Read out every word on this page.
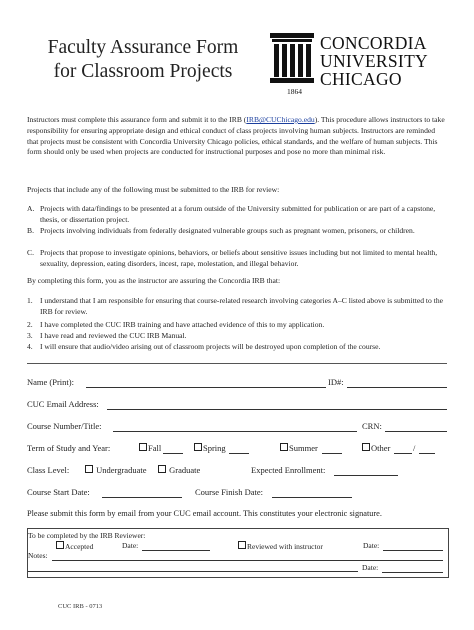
Faculty Assurance Form
for Classroom Projects
CONCORDIA
UNIVERSITY
CHICAGO
1864
Instructors must complete this assurance form and submit it to the IRB (IRB@CUChicago.edu). This procedure allows instructors to take responsibility for ensuring appropriate design and ethical conduct of class projects involving human subjects. Instructors are reminded that projects must be consistent with Concordia University Chicago policies, ethical standards, and the welfare of human subjects. This form should only be used when projects are conducted for instructional purposes and pose no more than minimal risk.
Projects that include any of the following must be submitted to the IRB for review:
A. Projects with data/findings to be presented at a forum outside of the University submitted for publication or are part of a capstone, thesis, or dissertation project.
B. Projects involving individuals from federally designated vulnerable groups such as pregnant women, prisoners, or children.
C. Projects that propose to investigate opinions, behaviors, or beliefs about sensitive issues including but not limited to mental health, sexuality, depression, eating disorders, incest, rape, molestation, and illegal behavior.
By completing this form, you as the instructor are assuring the Concordia IRB that:
1. I understand that I am responsible for ensuring that course-related research involving categories A–C listed above is submitted to the IRB for review.
2. I have completed the CUC IRB training and have attached evidence of this to my application.
3. I have read and reviewed the CUC IRB Manual.
4. I will ensure that audio/video arising out of classroom projects will be destroyed upon completion of the course.
Name (Print):	ID#:
CUC Email Address:
Course Number/Title:	CRN:
Term of Study and Year:	Fall	Spring	Summer	Other	/
Class Level:	Undergraduate	Graduate	Expected Enrollment:
Course Start Date:	Course Finish Date:
Please submit this form by email from your CUC email account. This constitutes your electronic signature.
To be completed by the IRB Reviewer:
Accepted	Date:	Reviewed with instructor	Date:
Notes:
Date:
CUC IRB - 0713
